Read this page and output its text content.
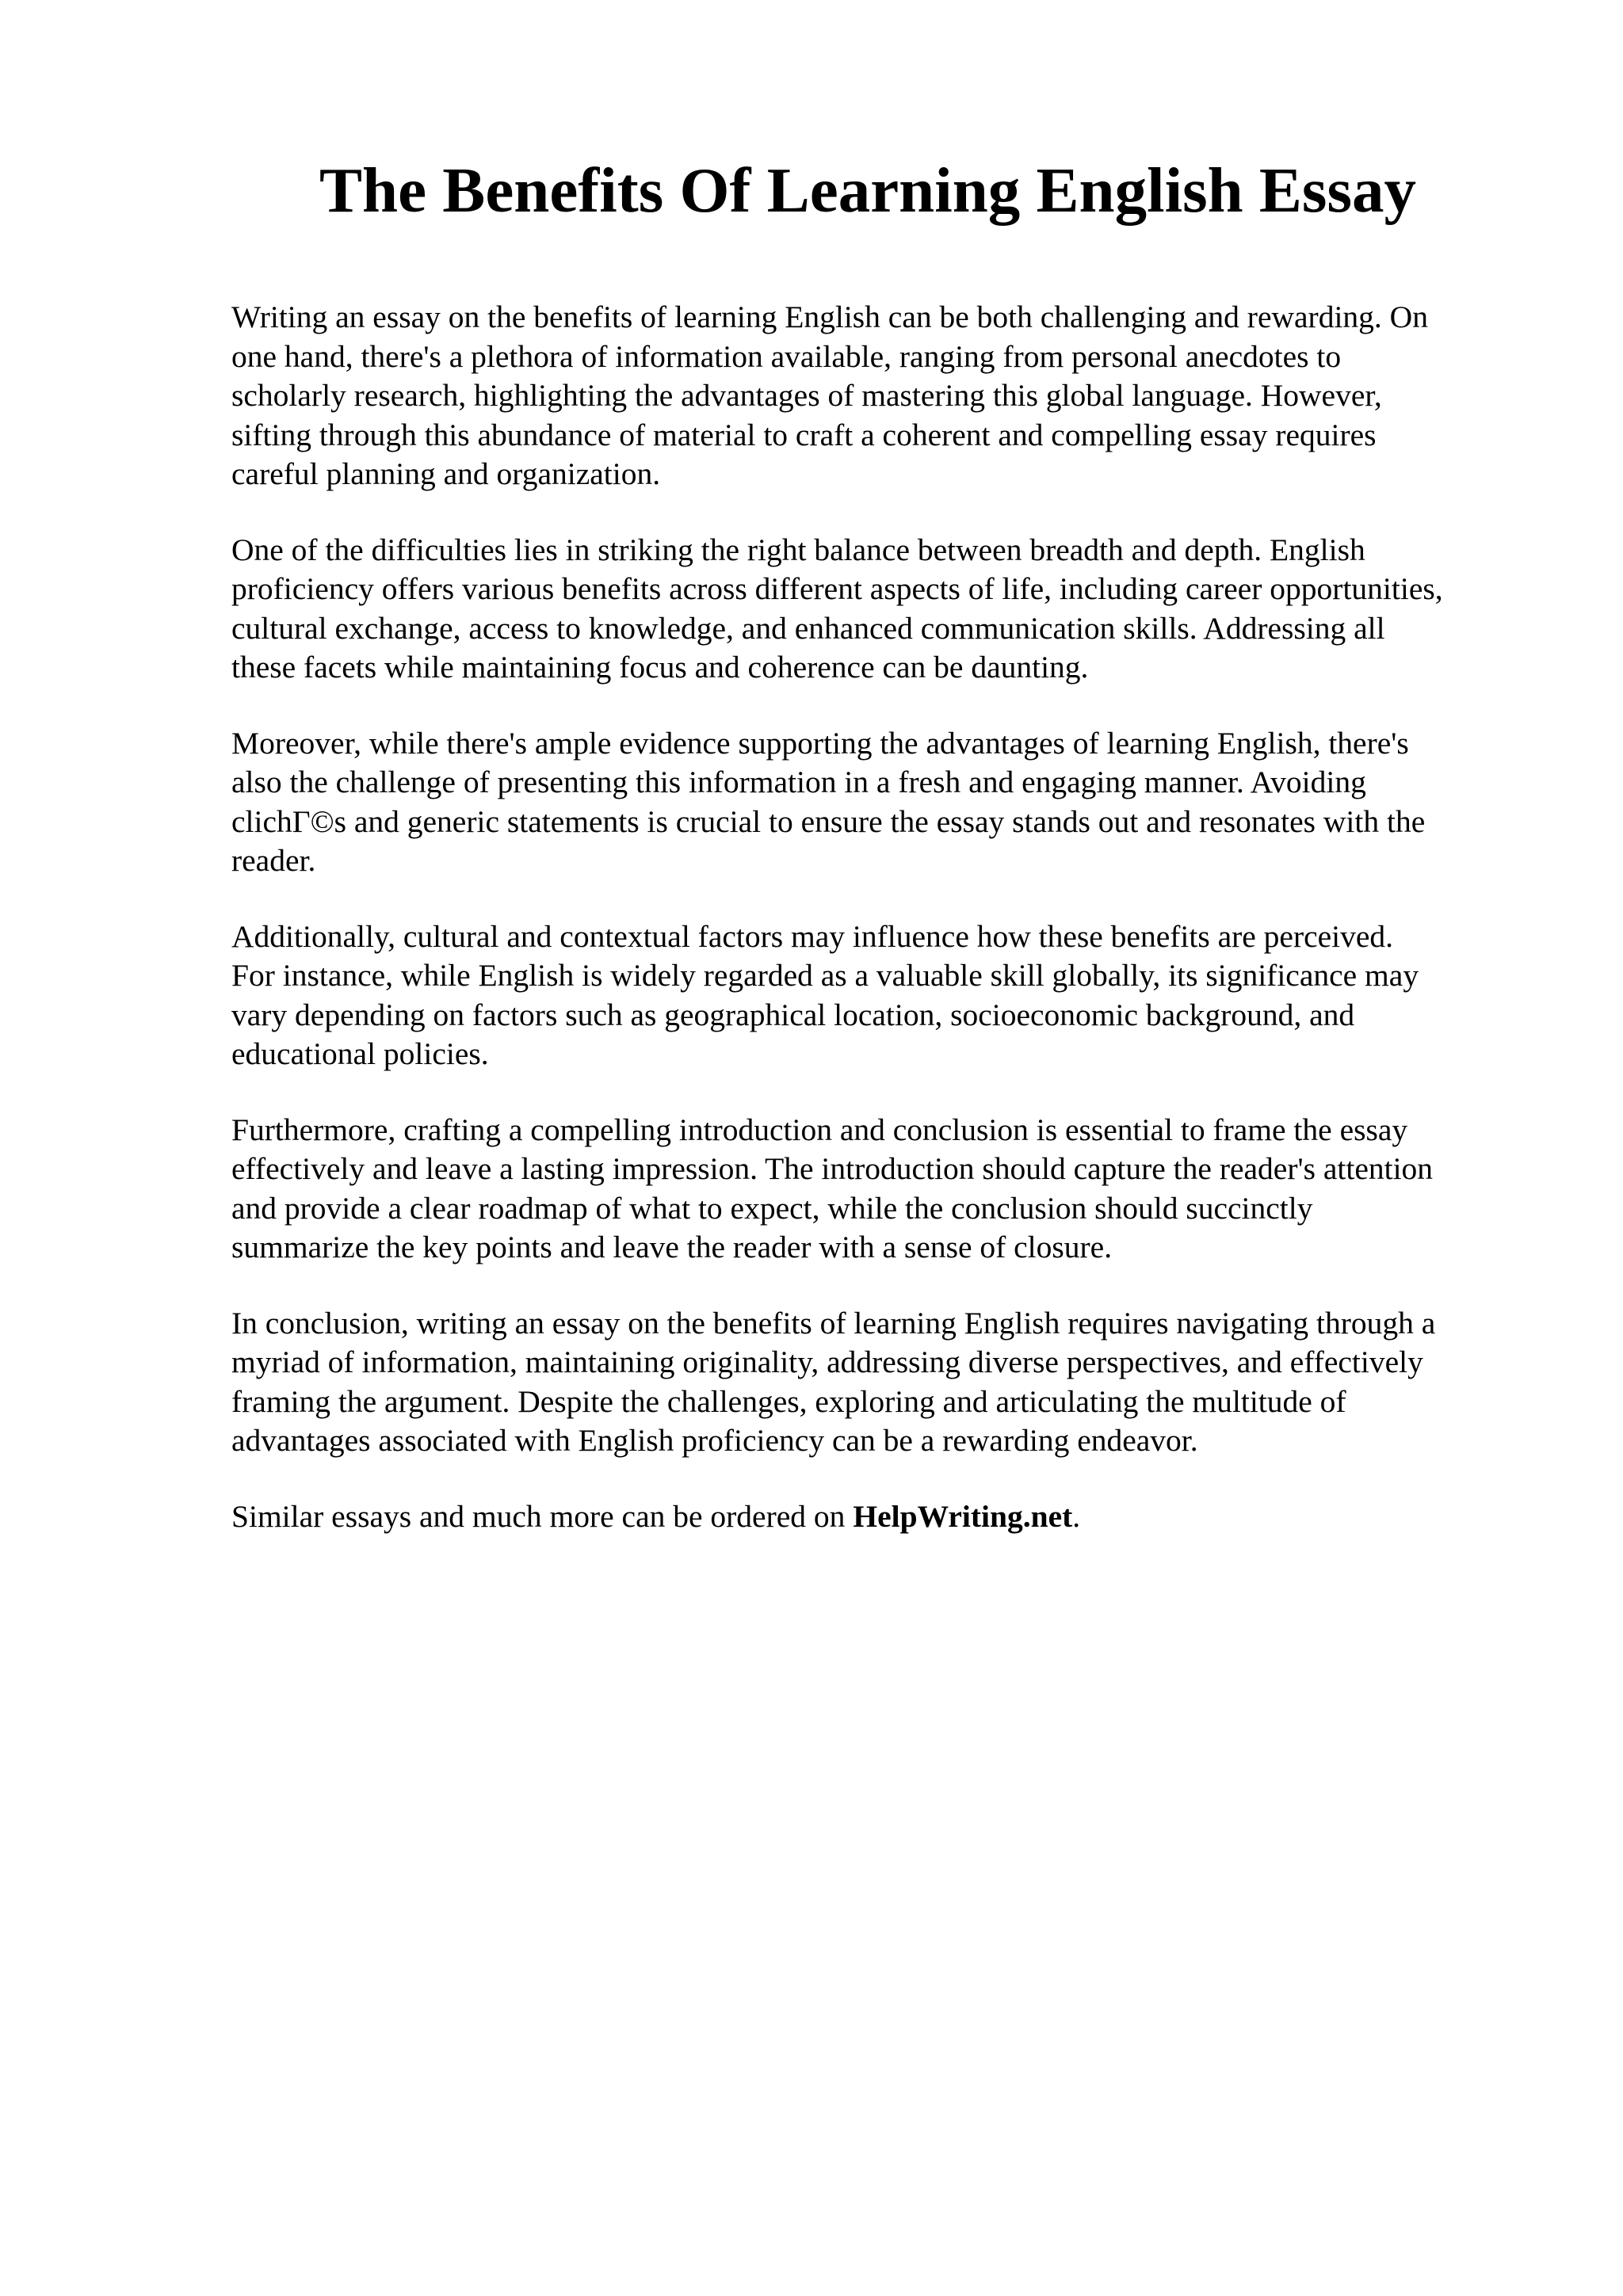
The Benefits Of Learning English Essay

Writing an essay on the benefits of learning English can be both challenging and rewarding. On
one hand, there's a plethora of information available, ranging from personal anecdotes to
scholarly research, highlighting the advantages of mastering this global language. However,
sifting through this abundance of material to craft a coherent and compelling essay requires
careful planning and organization.

One of the difficulties lies in striking the right balance between breadth and depth. English
proficiency offers various benefits across different aspects of life, including career opportunities,
cultural exchange, access to knowledge, and enhanced communication skills. Addressing all
these facets while maintaining focus and coherence can be daunting.

Moreover, while there's ample evidence supporting the advantages of learning English, there's
also the challenge of presenting this information in a fresh and engaging manner. Avoiding
clichΓ©s and generic statements is crucial to ensure the essay stands out and resonates with the
reader.

Additionally, cultural and contextual factors may influence how these benefits are perceived.
For instance, while English is widely regarded as a valuable skill globally, its significance may
vary depending on factors such as geographical location, socioeconomic background, and
educational policies.

Furthermore, crafting a compelling introduction and conclusion is essential to frame the essay
effectively and leave a lasting impression. The introduction should capture the reader's attention
and provide a clear roadmap of what to expect, while the conclusion should succinctly
summarize the key points and leave the reader with a sense of closure.

In conclusion, writing an essay on the benefits of learning English requires navigating through a
myriad of information, maintaining originality, addressing diverse perspectives, and effectively
framing the argument. Despite the challenges, exploring and articulating the multitude of
advantages associated with English proficiency can be a rewarding endeavor.

Similar essays and much more can be ordered on HelpWriting.net.
